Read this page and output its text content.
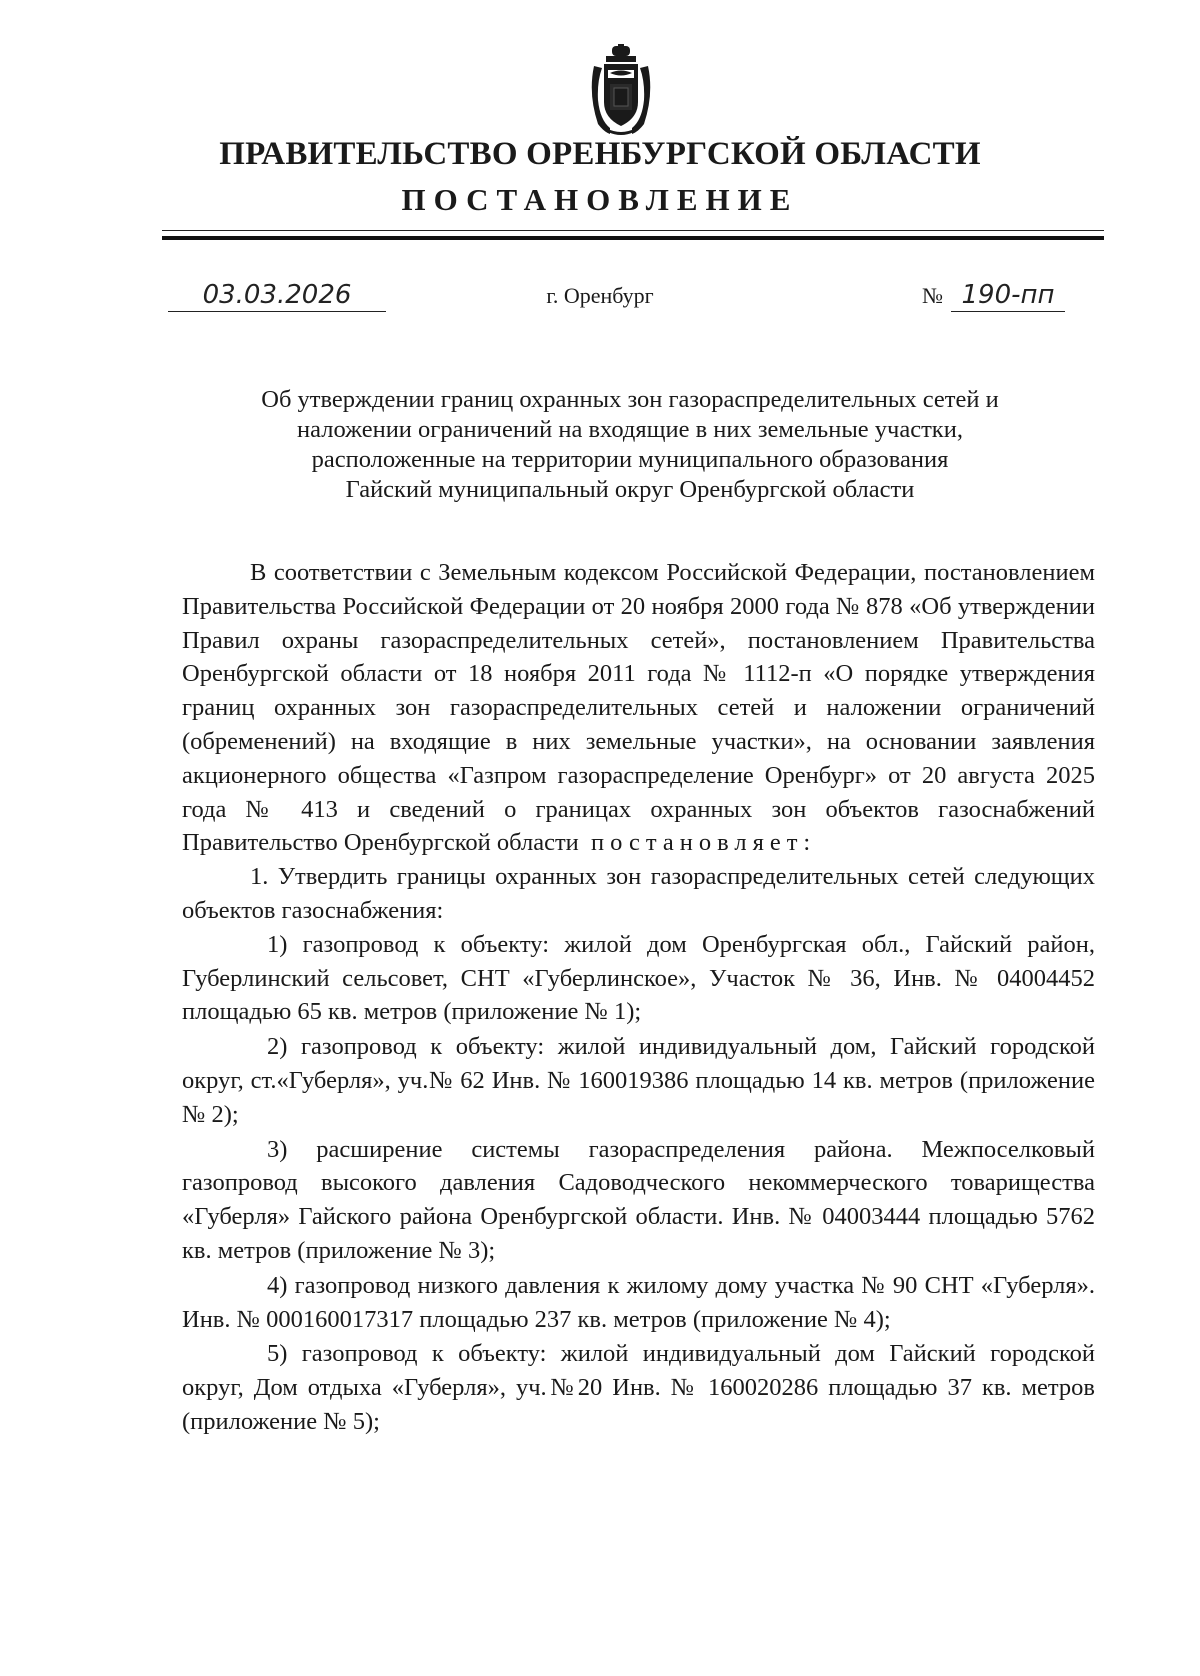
ПРАВИТЕЛЬСТВО ОРЕНБУРГСКОЙ ОБЛАСТИ
ПОСТАНОВЛЕНИЕ
03.03.2026	г. Оренбург	№ 190-пп
Об утверждении границ охранных зон газораспределительных сетей и
наложении ограничений на входящие в них земельные участки,
расположенные на территории муниципального образования
Гайский муниципальный округ Оренбургской области

В соответствии с Земельным кодексом Российской Федерации, постановлением Правительства Российской Федерации от 20 ноября 2000 года № 878 «Об утверждении Правил охраны газораспределительных сетей», постановлением Правительства Оренбургской области от 18 ноября 2011 года № 1112-п «О порядке утверждения границ охранных зон газораспределительных сетей и наложении ограничений (обременений) на входящие в них земельные участки», на основании заявления акционерного общества «Газпром газораспределение Оренбург» от 20 августа 2025 года № 413 и сведений о границах охранных зон объектов газоснабжений Правительство Оренбургской области постановляет:

1. Утвердить границы охранных зон газораспределительных сетей следующих объектов газоснабжения:

1) газопровод к объекту: жилой дом Оренбургская обл., Гайский район, Губерлинский сельсовет, СНТ «Губерлинское», Участок № 36, Инв. № 04004452 площадью 65 кв. метров (приложение № 1);

2) газопровод к объекту: жилой индивидуальный дом, Гайский городской округ, ст.«Губерля», уч.№ 62 Инв. № 160019386 площадью 14 кв. метров (приложение № 2);

3) расширение системы газораспределения района. Межпоселковый газопровод высокого давления Садоводческого некоммерческого товарищества «Губерля» Гайского района Оренбургской области. Инв. № 04003444 площадью 5762 кв. метров (приложение № 3);

4) газопровод низкого давления к жилому дому участка № 90 СНТ «Губерля». Инв. № 000160017317 площадью 237 кв. метров (приложение № 4);

5) газопровод к объекту: жилой индивидуальный дом Гайский городской округ, Дом отдыха «Губерля», уч.№20 Инв. № 160020286 площадью 37 кв. метров (приложение № 5);
